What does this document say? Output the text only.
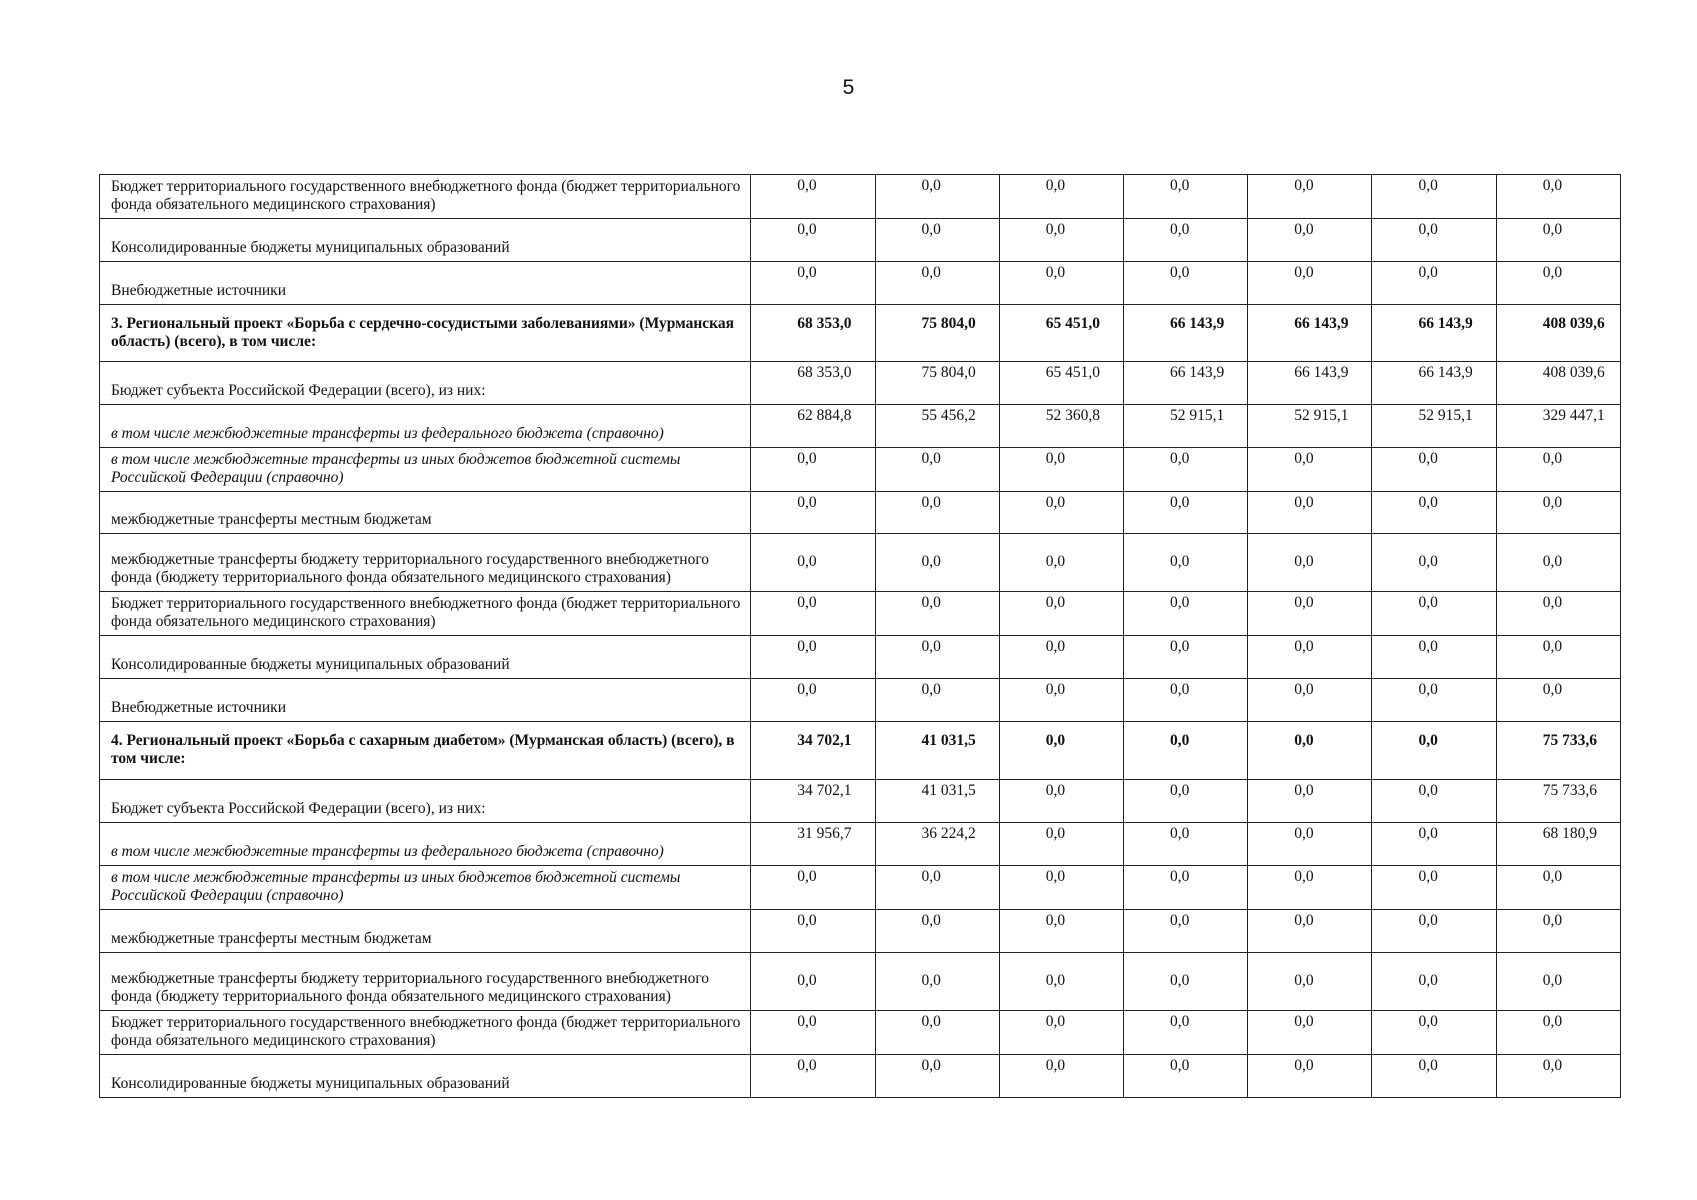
5
Бюджет территориального государственного внебюджетного фонда (бюджет территориального фонда обязательного медицинского страхования)	0,0	0,0	0,0	0,0	0,0	0,0	0,0
Консолидированные бюджеты муниципальных образований	0,0	0,0	0,0	0,0	0,0	0,0	0,0
Внебюджетные источники	0,0	0,0	0,0	0,0	0,0	0,0	0,0
3. Региональный проект «Борьба с сердечно-сосудистыми заболеваниями» (Мурманская область) (всего), в том числе:	68 353,0	75 804,0	65 451,0	66 143,9	66 143,9	66 143,9	408 039,6
Бюджет субъекта Российской Федерации (всего), из них:	68 353,0	75 804,0	65 451,0	66 143,9	66 143,9	66 143,9	408 039,6
в том числе межбюджетные трансферты из федерального бюджета (справочно)	62 884,8	55 456,2	52 360,8	52 915,1	52 915,1	52 915,1	329 447,1
в том числе межбюджетные трансферты из иных бюджетов бюджетной системы Российской Федерации (справочно)	0,0	0,0	0,0	0,0	0,0	0,0	0,0
межбюджетные трансферты местным бюджетам	0,0	0,0	0,0	0,0	0,0	0,0	0,0
межбюджетные трансферты бюджету территориального государственного внебюджетного фонда (бюджету территориального фонда обязательного медицинского страхования)	0,0	0,0	0,0	0,0	0,0	0,0	0,0
Бюджет территориального государственного внебюджетного фонда (бюджет территориального фонда обязательного медицинского страхования)	0,0	0,0	0,0	0,0	0,0	0,0	0,0
Консолидированные бюджеты муниципальных образований	0,0	0,0	0,0	0,0	0,0	0,0	0,0
Внебюджетные источники	0,0	0,0	0,0	0,0	0,0	0,0	0,0
4. Региональный проект «Борьба с сахарным диабетом» (Мурманская область) (всего), в том числе:	34 702,1	41 031,5	0,0	0,0	0,0	0,0	75 733,6
Бюджет субъекта Российской Федерации (всего), из них:	34 702,1	41 031,5	0,0	0,0	0,0	0,0	75 733,6
в том числе межбюджетные трансферты из федерального бюджета (справочно)	31 956,7	36 224,2	0,0	0,0	0,0	0,0	68 180,9
в том числе межбюджетные трансферты из иных бюджетов бюджетной системы Российской Федерации (справочно)	0,0	0,0	0,0	0,0	0,0	0,0	0,0
межбюджетные трансферты местным бюджетам	0,0	0,0	0,0	0,0	0,0	0,0	0,0
межбюджетные трансферты бюджету территориального государственного внебюджетного фонда (бюджету территориального фонда обязательного медицинского страхования)	0,0	0,0	0,0	0,0	0,0	0,0	0,0
Бюджет территориального государственного внебюджетного фонда (бюджет территориального фонда обязательного медицинского страхования)	0,0	0,0	0,0	0,0	0,0	0,0	0,0
Консолидированные бюджеты муниципальных образований	0,0	0,0	0,0	0,0	0,0	0,0	0,0
